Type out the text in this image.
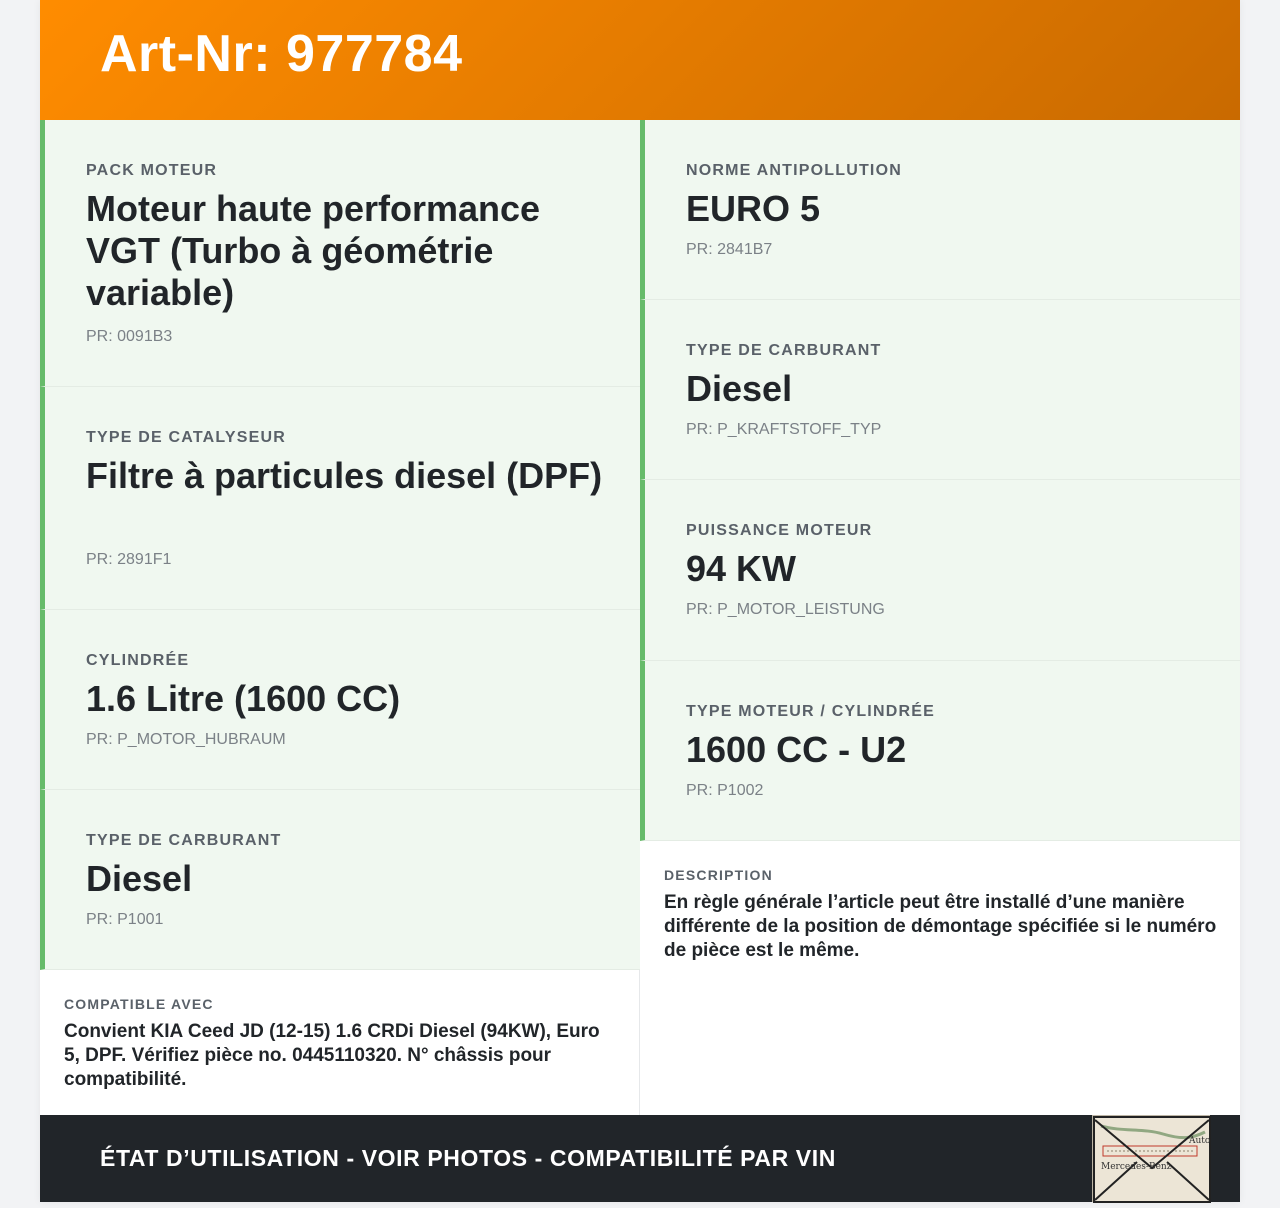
Art-Nr: 977784
PACK MOTEUR
Moteur haute performance VGT (Turbo à géométrie variable)
PR: 0091B3
TYPE DE CATALYSEUR
Filtre à particules diesel (DPF)
PR: 2891F1
CYLINDRÉE
1.6 Litre (1600 CC)
PR: P_MOTOR_HUBRAUM
TYPE DE CARBURANT
Diesel
PR: P1001
COMPATIBLE AVEC
Convient KIA Ceed JD (12-15) 1.6 CRDi Diesel (94KW), Euro 5, DPF. Vérifiez pièce no. 0445110320. N° châssis pour compatibilité.
NORME ANTIPOLLUTION
EURO 5
PR: 2841B7
TYPE DE CARBURANT
Diesel
PR: P_KRAFTSTOFF_TYP
PUISSANCE MOTEUR
94 KW
PR: P_MOTOR_LEISTUNG
TYPE MOTEUR / CYLINDRÉE
1600 CC - U2
PR: P1002
DESCRIPTION
En règle générale l’article peut être installé d’une manière différente de la position de démontage spécifiée si le numéro de pièce est le même.
ÉTAT D’UTILISATION - VOIR PHOTOS - COMPATIBILITÉ PAR VIN
Auto
Mercedes-Benz
